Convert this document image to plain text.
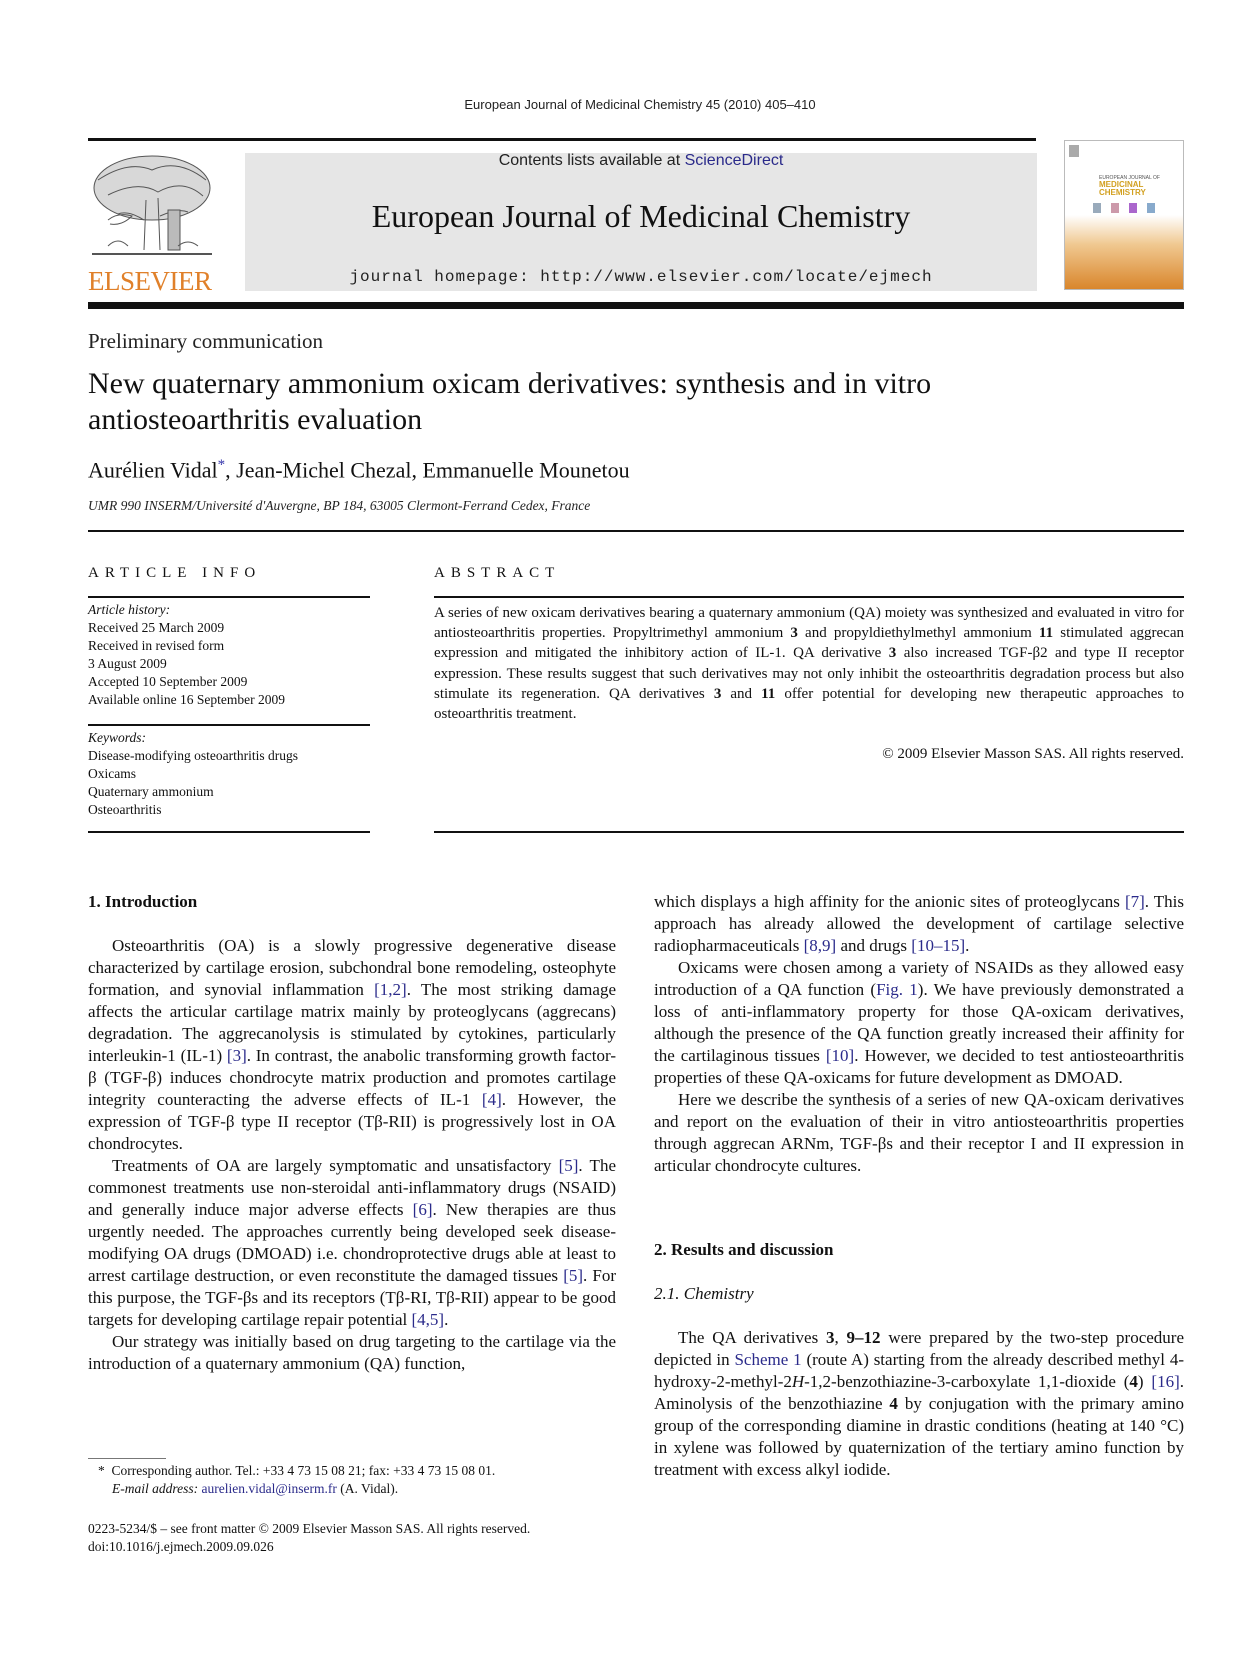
European Journal of Medicinal Chemistry 45 (2010) 405–410
ELSEVIER
Contents lists available at ScienceDirect
European Journal of Medicinal Chemistry
journal homepage: http://www.elsevier.com/locate/ejmech
EUROPEAN JOURNAL OF
MEDICINAL
CHEMISTRY
Preliminary communication
New quaternary ammonium oxicam derivatives: synthesis and in vitro antiosteoarthritis evaluation
Aurélien Vidal*, Jean-Michel Chezal, Emmanuelle Mounetou
UMR 990 INSERM/Université d'Auvergne, BP 184, 63005 Clermont-Ferrand Cedex, France
ARTICLE INFO
Article history:
Received 25 March 2009
Received in revised form
3 August 2009
Accepted 10 September 2009
Available online 16 September 2009
Keywords:
Disease-modifying osteoarthritis drugs
Oxicams
Quaternary ammonium
Osteoarthritis
ABSTRACT
A series of new oxicam derivatives bearing a quaternary ammonium (QA) moiety was synthesized and evaluated in vitro for antiosteoarthritis properties. Propyltrimethyl ammonium 3 and propyldiethylmethyl ammonium 11 stimulated aggrecan expression and mitigated the inhibitory action of IL-1. QA derivative 3 also increased TGF-β2 and type II receptor expression. These results suggest that such derivatives may not only inhibit the osteoarthritis degradation process but also stimulate its regeneration. QA derivatives 3 and 11 offer potential for developing new therapeutic approaches to osteoarthritis treatment.
© 2009 Elsevier Masson SAS. All rights reserved.
1. Introduction

Osteoarthritis (OA) is a slowly progressive degenerative disease characterized by cartilage erosion, subchondral bone remodeling, osteophyte formation, and synovial inflammation [1,2]. The most striking damage affects the articular cartilage matrix mainly by proteoglycans (aggrecans) degradation. The aggrecanolysis is stimulated by cytokines, particularly interleukin-1 (IL-1) [3]. In contrast, the anabolic transforming growth factor-β (TGF-β) induces chondrocyte matrix production and promotes cartilage integrity counteracting the adverse effects of IL-1 [4]. However, the expression of TGF-β type II receptor (Tβ-RII) is progressively lost in OA chondrocytes.

Treatments of OA are largely symptomatic and unsatisfactory [5]. The commonest treatments use non-steroidal anti-inflammatory drugs (NSAID) and generally induce major adverse effects [6]. New therapies are thus urgently needed. The approaches currently being developed seek disease-modifying OA drugs (DMOAD) i.e. chondroprotective drugs able at least to arrest cartilage destruction, or even reconstitute the damaged tissues [5]. For this purpose, the TGF-βs and its receptors (Tβ-RI, Tβ-RII) appear to be good targets for developing cartilage repair potential [4,5].

Our strategy was initially based on drug targeting to the cartilage via the introduction of a quaternary ammonium (QA) function,

* Corresponding author. Tel.: +33 4 73 15 08 21; fax: +33 4 73 15 08 01.
E-mail address: aurelien.vidal@inserm.fr (A. Vidal).
0223-5234/$ – see front matter © 2009 Elsevier Masson SAS. All rights reserved.
doi:10.1016/j.ejmech.2009.09.026

which displays a high affinity for the anionic sites of proteoglycans [7]. This approach has already allowed the development of cartilage selective radiopharmaceuticals [8,9] and drugs [10–15].

Oxicams were chosen among a variety of NSAIDs as they allowed easy introduction of a QA function (Fig. 1). We have previously demonstrated a loss of anti-inflammatory property for those QA-oxicam derivatives, although the presence of the QA function greatly increased their affinity for the cartilaginous tissues [10]. However, we decided to test antiosteoarthritis properties of these QA-oxicams for future development as DMOAD.

Here we describe the synthesis of a series of new QA-oxicam derivatives and report on the evaluation of their in vitro antiosteoarthritis properties through aggrecan ARNm, TGF-βs and their receptor I and II expression in articular chondrocyte cultures.

2. Results and discussion
2.1. Chemistry

The QA derivatives 3, 9–12 were prepared by the two-step procedure depicted in Scheme 1 (route A) starting from the already described methyl 4-hydroxy-2-methyl-2H-1,2-benzothiazine-3-carboxylate 1,1-dioxide (4) [16]. Aminolysis of the benzothiazine 4 by conjugation with the primary amino group of the corresponding diamine in drastic conditions (heating at 140 °C) in xylene was followed by quaternization of the tertiary amino function by treatment with excess alkyl iodide.
